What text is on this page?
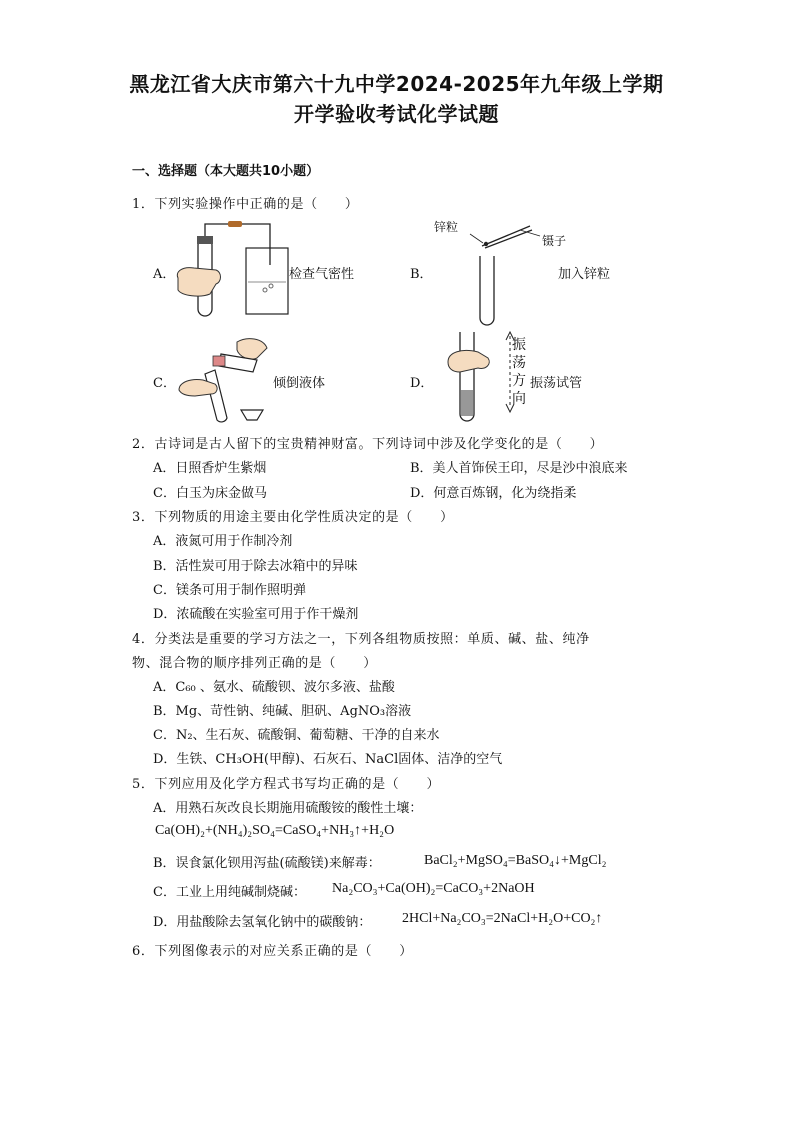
黑龙江省大庆市第六十九中学2024-2025年九年级上学期
开学验收考试化学试题
一、选择题（本大题共10小题）
1．下列实验操作中正确的是（　　）
A．	检查气密性	B．
锌粒
镊子
加入锌粒
C．	倾倒液体	D．
振荡方向
振荡试管
2．古诗词是古人留下的宝贵精神财富。下列诗词中涉及化学变化的是（　　）
A．日照香炉生紫烟	B．美人首饰侯王印，尽是沙中浪底来
C．白玉为床金做马	D．何意百炼钢，化为绕指柔
3．下列物质的用途主要由化学性质决定的是（　　）
A．液氮可用于作制冷剂
B．活性炭可用于除去冰箱中的异味
C．镁条可用于制作照明弹
D．浓硫酸在实验室可用于作干燥剂
4．分类法是重要的学习方法之一，下列各组物质按照：单质、碱、盐、纯净
物、混合物的顺序排列正确的是（　　）
A．C₆₀ 、氨水、硫酸钡、波尔多液、盐酸
B．Mg、苛性钠、纯碱、胆矾、AgNO₃溶液
C．N₂、生石灰、硫酸铜、葡萄糖、干净的自来水
D．生铁、CH₃OH(甲醇)、石灰石、NaCl固体、洁净的空气
5．下列应用及化学方程式书写均正确的是（　　）
A．用熟石灰改良长期施用硫酸铵的酸性土壤：
Ca(OH)₂+(NH₄)₂SO₄=CaSO₄+NH₃↑+H₂O
B．误食氯化钡用泻盐(硫酸镁)来解毒：	BaCl₂+MgSO₄=BaSO₄↓+MgCl₂
C．工业上用纯碱制烧碱： Na₂CO₃+Ca(OH)₂=CaCO₃+2NaOH
D．用盐酸除去氢氧化钠中的碳酸钠： 2HCl+Na₂CO₃=2NaCl+H₂O+CO₂↑
6．下列图像表示的对应关系正确的是（　　）
